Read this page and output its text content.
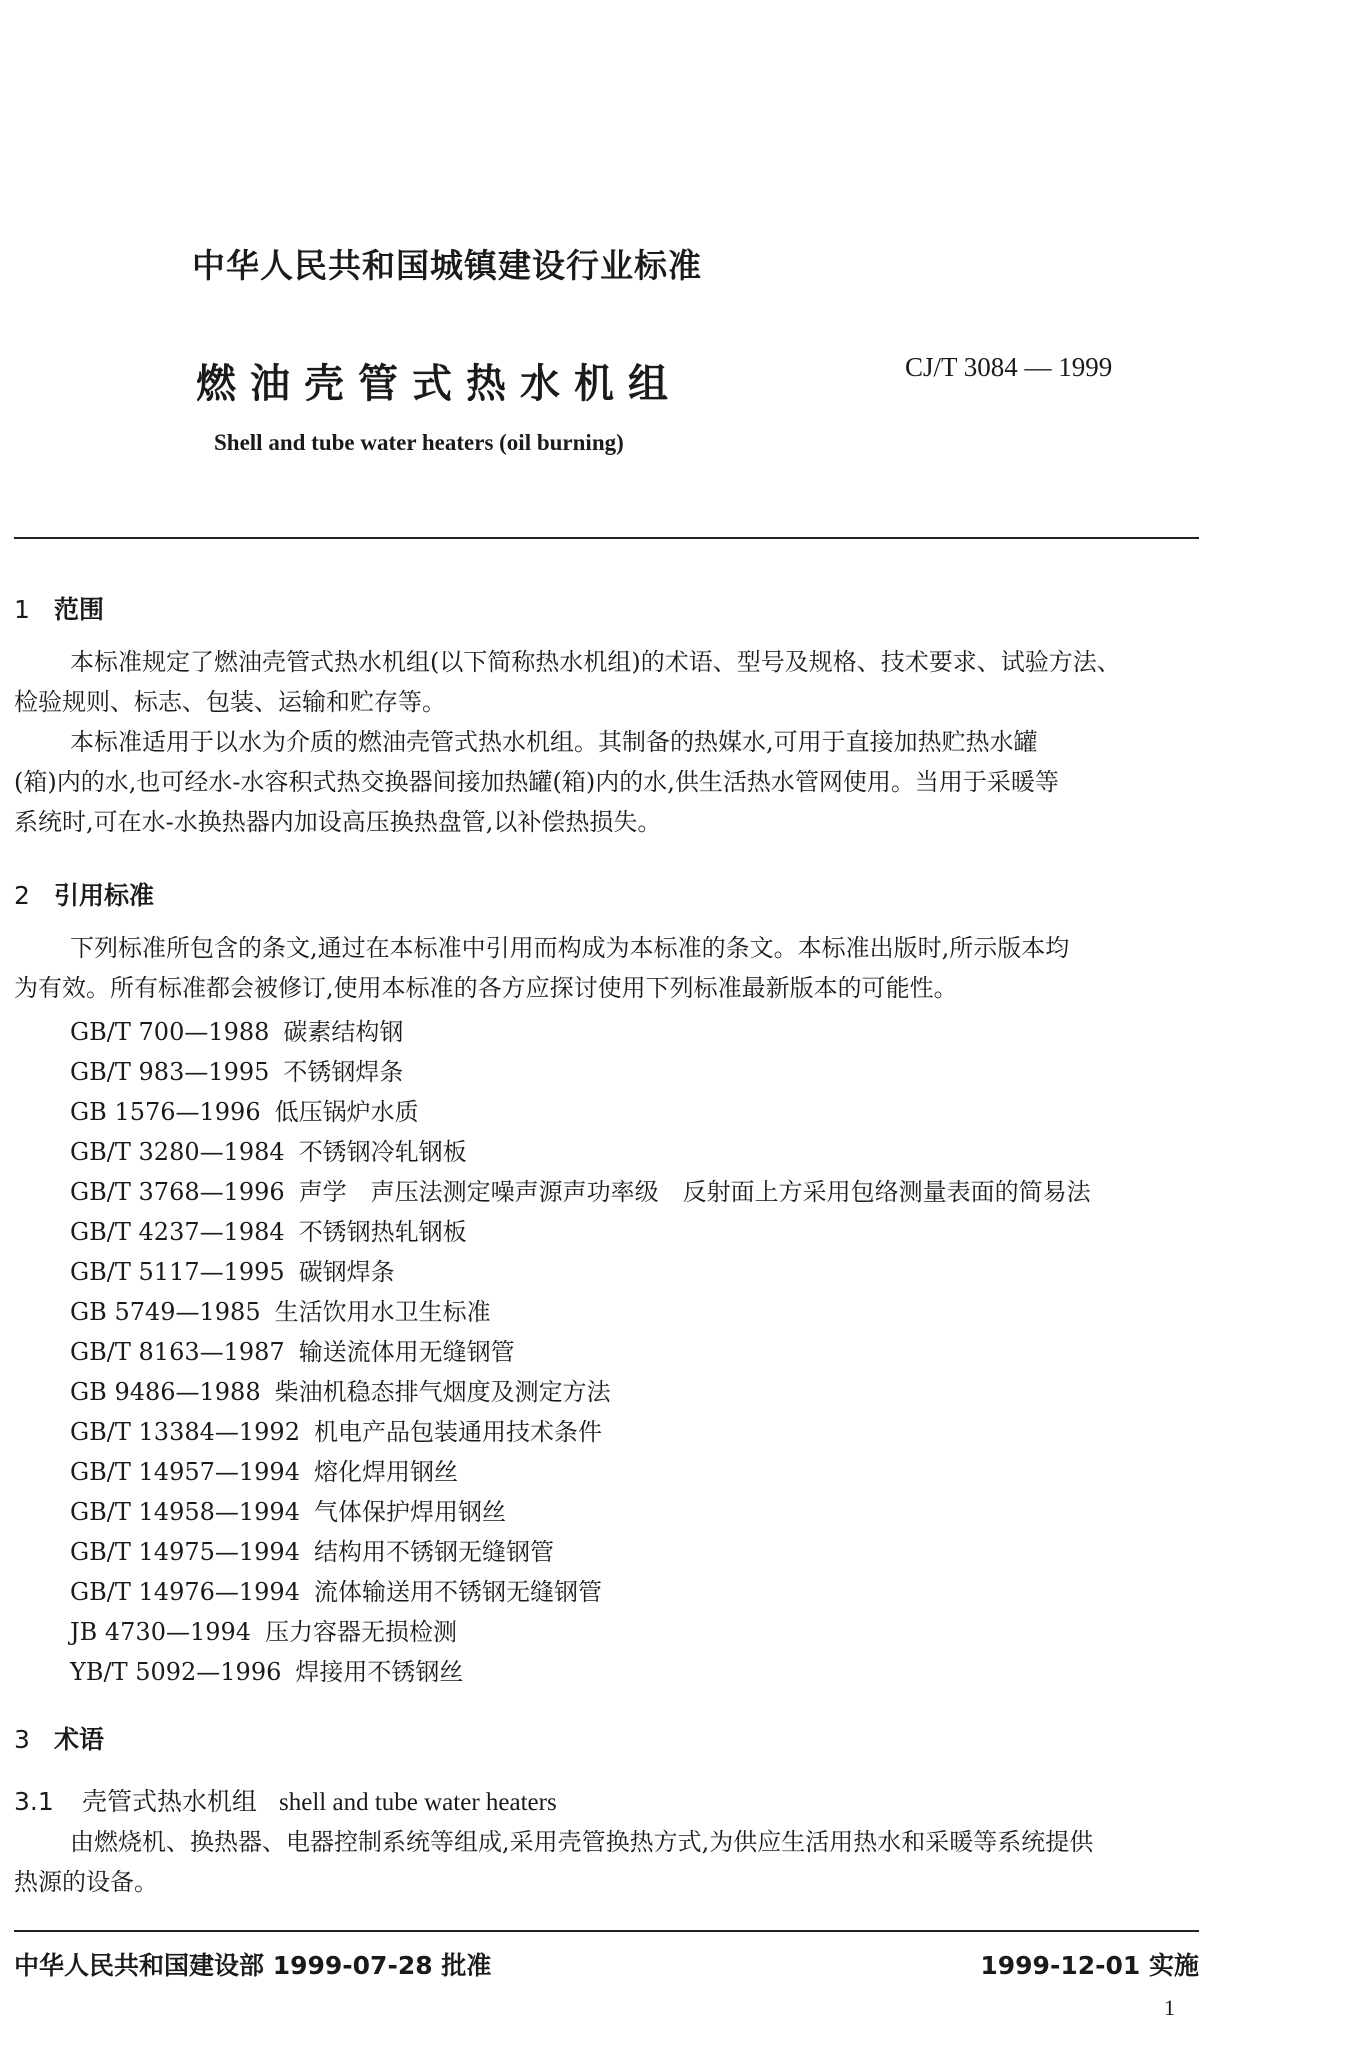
中华人民共和国城镇建设行业标准
燃油壳管式热水机组	CJ/T 3084 — 1999
Shell and tube water heaters (oil burning)
1 范围
本标准规定了燃油壳管式热水机组(以下简称热水机组)的术语、型号及规格、技术要求、试验方法、
检验规则、标志、包装、运输和贮存等。
本标准适用于以水为介质的燃油壳管式热水机组。其制备的热媒水,可用于直接加热贮热水罐
(箱)内的水,也可经水-水容积式热交换器间接加热罐(箱)内的水,供生活热水管网使用。当用于采暖等
系统时,可在水-水换热器内加设高压换热盘管,以补偿热损失。
2 引用标准
下列标准所包含的条文,通过在本标准中引用而构成为本标准的条文。本标准出版时,所示版本均
为有效。所有标准都会被修订,使用本标准的各方应探讨使用下列标准最新版本的可能性。
GB/T 700—1988 碳素结构钢
GB/T 983—1995 不锈钢焊条
GB 1576—1996 低压锅炉水质
GB/T 3280—1984 不锈钢冷轧钢板
GB/T 3768—1996 声学　声压法测定噪声源声功率级　反射面上方采用包络测量表面的简易法
GB/T 4237—1984 不锈钢热轧钢板
GB/T 5117—1995 碳钢焊条
GB 5749—1985 生活饮用水卫生标准
GB/T 8163—1987 输送流体用无缝钢管
GB 9486—1988 柴油机稳态排气烟度及测定方法
GB/T 13384—1992 机电产品包装通用技术条件
GB/T 14957—1994 熔化焊用钢丝
GB/T 14958—1994 气体保护焊用钢丝
GB/T 14975—1994 结构用不锈钢无缝钢管
GB/T 14976—1994 流体输送用不锈钢无缝钢管
JB 4730—1994 压力容器无损检测
YB/T 5092—1996 焊接用不锈钢丝
3 术语
3.1 壳管式热水机组 shell and tube water heaters
由燃烧机、换热器、电器控制系统等组成,采用壳管换热方式,为供应生活用热水和采暖等系统提供
热源的设备。
中华人民共和国建设部 1999-07-28 批准	1999-12-01 实施
1
